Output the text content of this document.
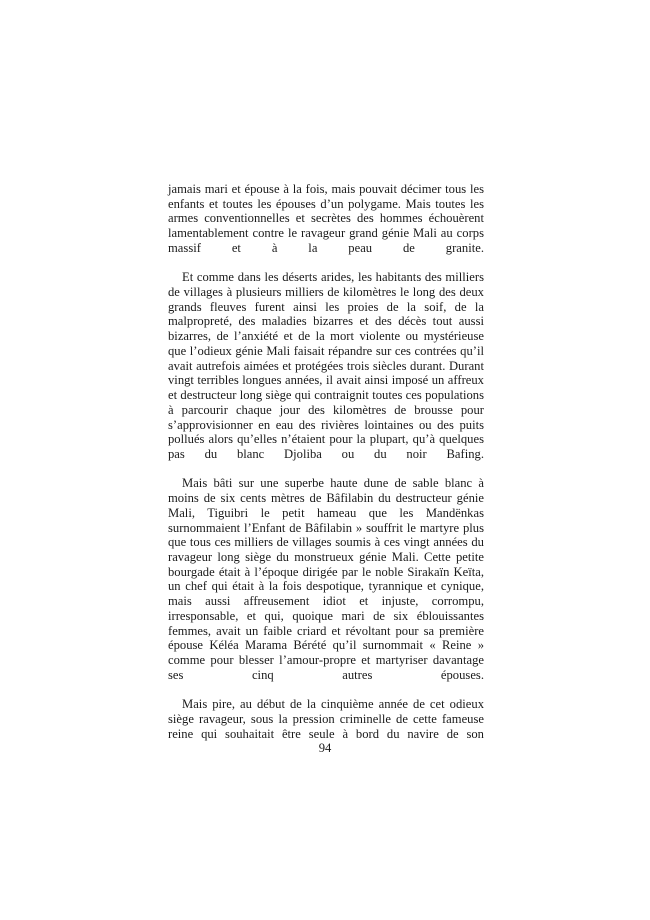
jamais mari et épouse à la fois, mais pouvait décimer tous les enfants et toutes les épouses d’un polygame. Mais toutes les armes conventionnelles et secrètes des hommes échouèrent lamentablement contre le ravageur grand génie Mali au corps massif et à la peau de granite.

Et comme dans les déserts arides, les habitants des milliers de villages à plusieurs milliers de kilomètres le long des deux grands fleuves furent ainsi les proies de la soif, de la malpropreté, des maladies bizarres et des décès tout aussi bizarres, de l’anxiété et de la mort violente ou mystérieuse que l’odieux génie Mali faisait répandre sur ces contrées qu’il avait autrefois aimées et protégées trois siècles durant. Durant vingt terribles longues années, il avait ainsi imposé un affreux et destructeur long siège qui contraignit toutes ces populations à parcourir chaque jour des kilomètres de brousse pour s’approvisionner en eau des rivières lointaines ou des puits pollués alors qu’elles n’étaient pour la plupart, qu’à quelques pas du blanc Djoliba ou du noir Bafing.

Mais bâti sur une superbe haute dune de sable blanc à moins de six cents mètres de Bâfilabin du destructeur génie Mali, Tiguibri le petit hameau que les Mandënkas surnommaient l’Enfant de Bâfilabin » souffrit le martyre plus que tous ces milliers de villages soumis à ces vingt années du ravageur long siège du monstrueux génie Mali. Cette petite bourgade était à l’époque dirigée par le noble Sirakaïn Keïta, un chef qui était à la fois despotique, tyrannique et cynique, mais aussi affreusement idiot et injuste, corrompu, irresponsable, et qui, quoique mari de six éblouissantes femmes, avait un faible criard et révoltant pour sa première épouse Kéléa Marama Bérété qu’il surnommait « Reine » comme pour blesser l’amour-propre et martyriser davantage ses cinq autres épouses.

Mais pire, au début de la cinquième année de cet odieux siège ravageur, sous la pression criminelle de cette fameuse reine qui souhaitait être seule à bord du navire de son

94
